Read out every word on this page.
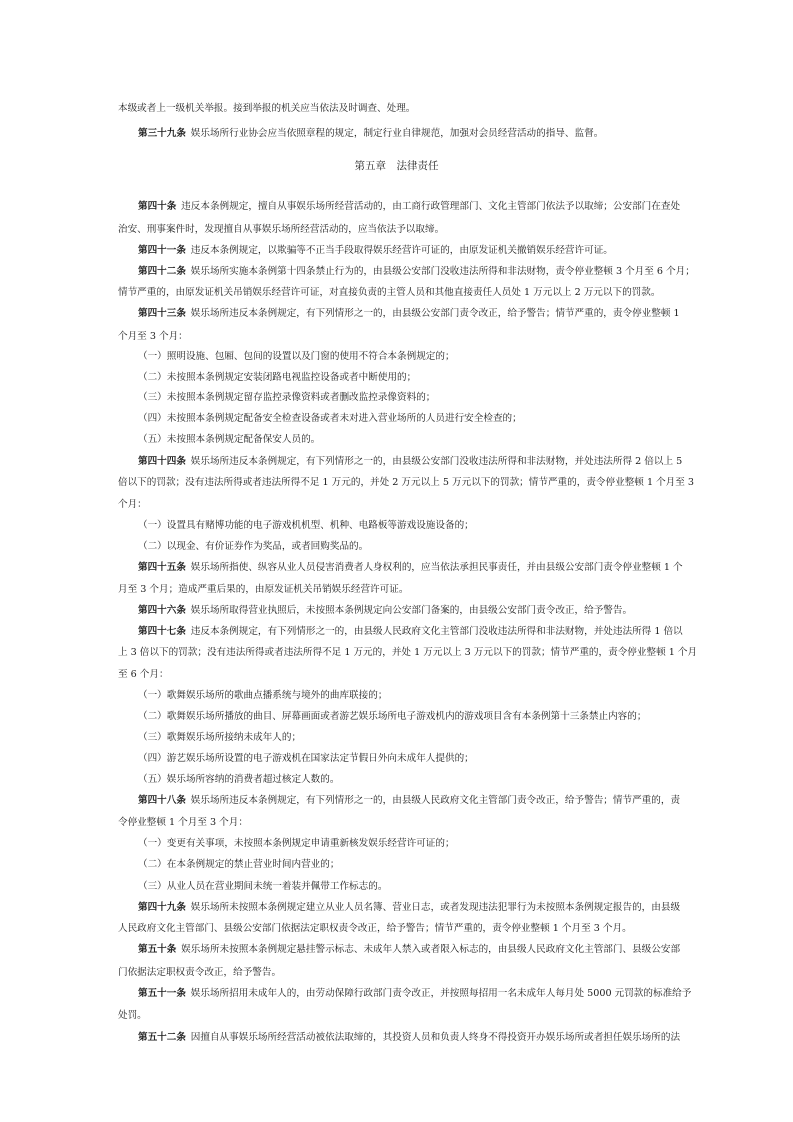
第五章　法律责任
本级或者上一级机关举报。接到举报的机关应当依法及时调查、处理。
第三十九条  娱乐场所行业协会应当依照章程的规定，制定行业自律规范，加强对会员经营活动的指导、监督。
第四十条  违反本条例规定，擅自从事娱乐场所经营活动的，由工商行政管理部门、文化主管部门依法予以取缔；公安部门在查处
治安、刑事案件时，发现擅自从事娱乐场所经营活动的，应当依法予以取缔。
第四十一条  违反本条例规定，以欺骗等不正当手段取得娱乐经营许可证的，由原发证机关撤销娱乐经营许可证。
第四十二条  娱乐场所实施本条例第十四条禁止行为的，由县级公安部门没收违法所得和非法财物，责令停业整顿 3 个月至 6 个月；
情节严重的，由原发证机关吊销娱乐经营许可证，对直接负责的主管人员和其他直接责任人员处 1 万元以上 2 万元以下的罚款。
第四十三条  娱乐场所违反本条例规定，有下列情形之一的，由县级公安部门责令改正，给予警告；情节严重的，责令停业整顿 1
个月至 3 个月：
（一）照明设施、包厢、包间的设置以及门窗的使用不符合本条例规定的；
（二）未按照本条例规定安装闭路电视监控设备或者中断使用的；
（三）未按照本条例规定留存监控录像资料或者删改监控录像资料的；
（四）未按照本条例规定配备安全检查设备或者未对进入营业场所的人员进行安全检查的；
（五）未按照本条例规定配备保安人员的。
第四十四条  娱乐场所违反本条例规定，有下列情形之一的，由县级公安部门没收违法所得和非法财物，并处违法所得 2 倍以上 5
倍以下的罚款；没有违法所得或者违法所得不足 1 万元的，并处 2 万元以上 5 万元以下的罚款；情节严重的，责令停业整顿 1 个月至 3
个月：
（一）设置具有赌博功能的电子游戏机机型、机种、电路板等游戏设施设备的；
（二）以现金、有价证券作为奖品，或者回购奖品的。
第四十五条  娱乐场所指使、纵容从业人员侵害消费者人身权利的，应当依法承担民事责任，并由县级公安部门责令停业整顿 1 个
月至 3 个月；造成严重后果的，由原发证机关吊销娱乐经营许可证。
第四十六条  娱乐场所取得营业执照后，未按照本条例规定向公安部门备案的，由县级公安部门责令改正，给予警告。
第四十七条  违反本条例规定，有下列情形之一的，由县级人民政府文化主管部门没收违法所得和非法财物，并处违法所得 1 倍以
上 3 倍以下的罚款；没有违法所得或者违法所得不足 1 万元的，并处 1 万元以上 3 万元以下的罚款；情节严重的，责令停业整顿 1 个月
至 6 个月：
（一）歌舞娱乐场所的歌曲点播系统与境外的曲库联接的；
（二）歌舞娱乐场所播放的曲目、屏幕画面或者游艺娱乐场所电子游戏机内的游戏项目含有本条例第十三条禁止内容的；
（三）歌舞娱乐场所接纳未成年人的；
（四）游艺娱乐场所设置的电子游戏机在国家法定节假日外向未成年人提供的；
（五）娱乐场所容纳的消费者超过核定人数的。
第四十八条  娱乐场所违反本条例规定，有下列情形之一的，由县级人民政府文化主管部门责令改正，给予警告；情节严重的，责
令停业整顿 1 个月至 3 个月：
（一）变更有关事项，未按照本条例规定申请重新核发娱乐经营许可证的；
（二）在本条例规定的禁止营业时间内营业的；
（三）从业人员在营业期间未统一着装并佩带工作标志的。
第四十九条  娱乐场所未按照本条例规定建立从业人员名簿、营业日志，或者发现违法犯罪行为未按照本条例规定报告的，由县级
人民政府文化主管部门、县级公安部门依据法定职权责令改正，给予警告；情节严重的，责令停业整顿 1 个月至 3 个月。
第五十条  娱乐场所未按照本条例规定悬挂警示标志、未成年人禁入或者限入标志的，由县级人民政府文化主管部门、县级公安部
门依据法定职权责令改正，给予警告。
第五十一条  娱乐场所招用未成年人的，由劳动保障行政部门责令改正，并按照每招用一名未成年人每月处 5000 元罚款的标准给予
处罚。
第五十二条  因擅自从事娱乐场所经营活动被依法取缔的，其投资人员和负责人终身不得投资开办娱乐场所或者担任娱乐场所的法
